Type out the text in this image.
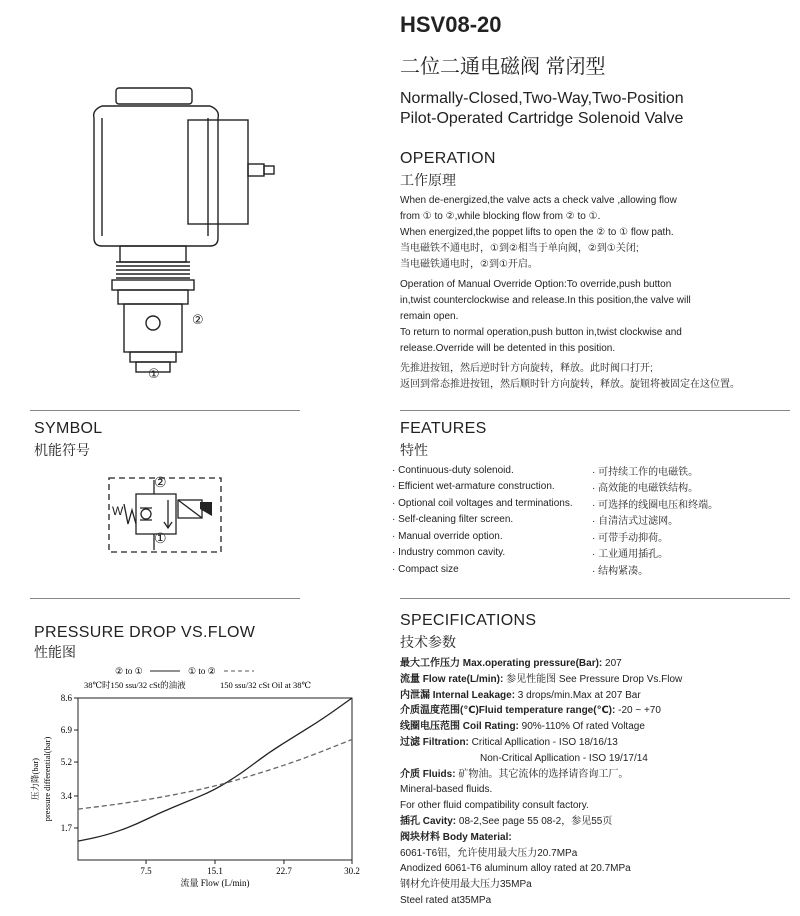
HSV08-20
二位二通电磁阀 常闭型
Normally-Closed,Two-Way,Two-Position
Pilot-Operated Cartridge Solenoid Valve
②
①
OPERATION
工作原理
When de-energized,the valve acts a check valve ,allowing flow
from ① to ②,while blocking flow from ② to ①.
When energized,the poppet lifts to open the ② to ① flow path.
当电磁铁不通电时，①到②相当于单向阀，②到①关闭;
当电磁铁通电时，②到①开启。
Operation of Manual Override Option:To override,push button
in,twist counterclockwise and release.In this position,the valve will
remain open.
To return to normal operation,push button in,twist clockwise and
release.Override will be detented in this position.
先推进按钮，然后逆时针方向旋转，释放。此时阀口打开;
返回到常态推进按钮，然后顺时针方向旋转，释放。旋钮将被固定在这位置。
SYMBOL
机能符号
②
①
W
FEATURES
特性
· Continuous-duty solenoid.	· 可持续工作的电磁铁。
· Efficient wet-armature construction.	· 高效能的电磁铁结构。
· Optional coil voltages and terminations.	· 可选择的线圈电压和终端。
· Self-cleaning filter screen.	· 自清洁式过滤网。
· Manual override option.	· 可带手动抑荷。
· Industry common cavity.	· 工业通用插孔。
· Compact size	· 结构紧凑。
PRESSURE DROP VS.FLOW
性能图
② to ①	① to ②
38℃时150 ssu/32 cSt的油液	150 ssu/32 cSt Oil at 38℃
1.7
3.4
5.2
6.9
8.6
7.5	15.1	22.7	30.2
流量 Flow (L/min)
压力降(bar) pressure differential(bar)
SPECIFICATIONS
技术参数
最大工作压力 Max.operating pressure(Bar): 207
流量 Flow rate(L/min): 参见性能图 See Pressure Drop Vs.Flow
内泄漏 Internal Leakage: 3 drops/min.Max at 207 Bar
介质温度范围(℃)Fluid temperature range(℃): -20 ~ +70
线圈电压范围 Coil Rating: 90%-110% Of rated Voltage
过滤 Filtration: Critical Apllication - ISO 18/16/13
Non-Critical Apllication - ISO 19/17/14
介质 Fluids: 矿物油。其它流体的选择请咨询工厂。
Mineral-based fluids.
For other fluid compatibility consult factory.
插孔 Cavity: 08-2,See page 55 08-2，参见55页
阀块材料 Body Material:
6061-T6铝，允许使用最大压力20.7MPa
Anodized 6061-T6 aluminum alloy rated at 20.7MPa
钢材允许使用最大压力35MPa
Steel rated at35MPa
